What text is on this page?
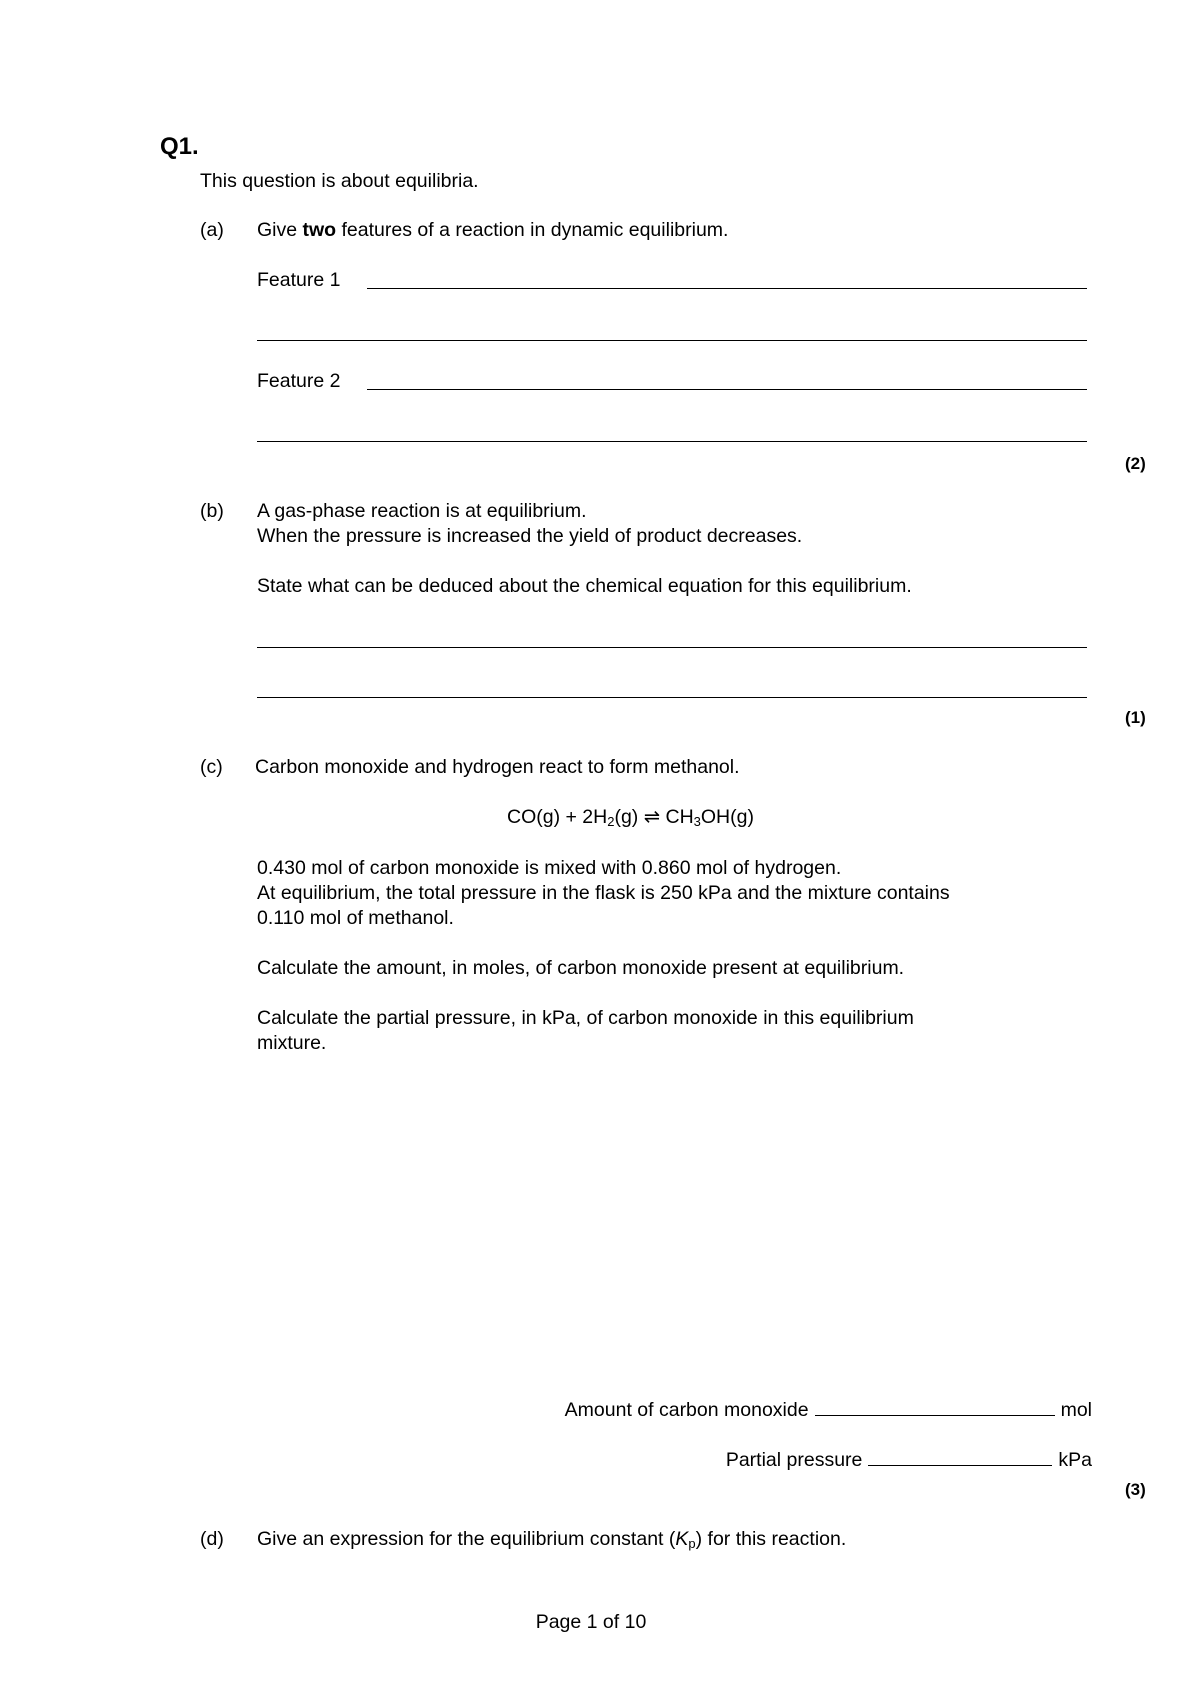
Q1.
This question is about equilibria.
(a) Give two features of a reaction in dynamic equilibrium.
Feature 1
Feature 2
(2)
(b) A gas-phase reaction is at equilibrium.
When the pressure is increased the yield of product decreases.
State what can be deduced about the chemical equation for this equilibrium.
(1)
(c) Carbon monoxide and hydrogen react to form methanol.
$CO(g) + 2H_2(g)$ ⇌ $CH_3OH(g)$
0.430 mol of carbon monoxide is mixed with 0.860 mol of hydrogen.
At equilibrium, the total pressure in the flask is 250 kPa and the mixture contains
0.110 mol of methanol.
Calculate the amount, in moles, of carbon monoxide present at equilibrium.
Calculate the partial pressure, in kPa, of carbon monoxide in this equilibrium
mixture.
Amount of carbon monoxide	mol
Partial pressure	kPa
(3)
(d) Give an expression for the equilibrium constant $(K_p)$ for this reaction.
Page 1 of 10
